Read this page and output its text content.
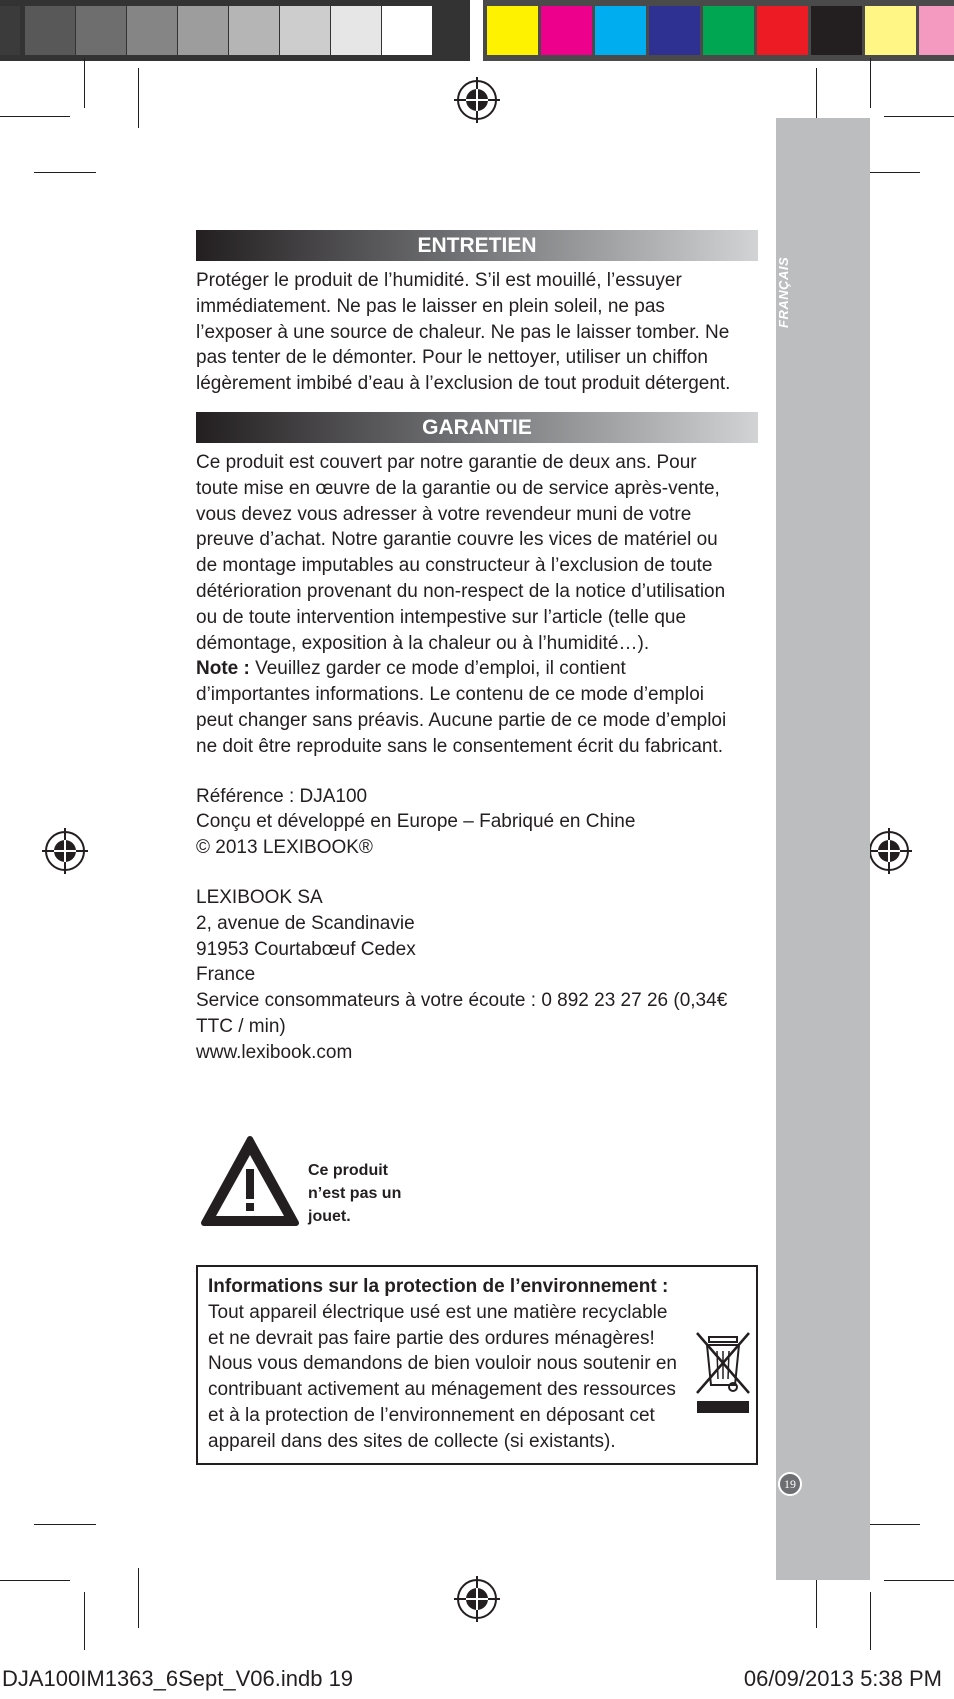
FRANÇAIS
19
ENTRETIEN
Protéger le produit de l’humidité. S’il est mouillé, l’essuyer
immédiatement. Ne pas le laisser en plein soleil, ne pas
l’exposer à une source de chaleur. Ne pas le laisser tomber. Ne
pas tenter de le démonter. Pour le nettoyer, utiliser un chiffon
légèrement imbibé d’eau à l’exclusion de tout produit détergent.
GARANTIE
Ce produit est couvert par notre garantie de deux ans. Pour
toute mise en œuvre de la garantie ou de service après-vente,
vous devez vous adresser à votre revendeur muni de votre
preuve d’achat. Notre garantie couvre les vices de matériel ou
de montage imputables au constructeur à l’exclusion de toute
détérioration provenant du non-respect de la notice d’utilisation
ou de toute intervention intempestive sur l’article (telle que
démontage, exposition à la chaleur ou à l’humidité…).
Note : Veuillez garder ce mode d’emploi, il contient
d’importantes informations. Le contenu de ce mode d’emploi
peut changer sans préavis. Aucune partie de ce mode d’emploi
ne doit être reproduite sans le consentement écrit du fabricant.
Référence : DJA100
Conçu et développé en Europe – Fabriqué en Chine
© 2013 LEXIBOOK®
LEXIBOOK SA
2, avenue de Scandinavie
91953 Courtabœuf Cedex
France
Service consommateurs à votre écoute : 0 892 23 27 26 (0,34€
TTC / min)
www.lexibook.com
Ce produit
n’est pas un
jouet.
Informations sur la protection de l’environnement :
Tout appareil électrique usé est une matière recyclable
et ne devrait pas faire partie des ordures ménagères!
Nous vous demandons de bien vouloir nous soutenir en
contribuant activement au ménagement des ressources
et à la protection de l’environnement en déposant cet
appareil dans des sites de collecte (si existants).
DJA100IM1363_6Sept_V06.indb 19	06/09/2013 5:38 PM
